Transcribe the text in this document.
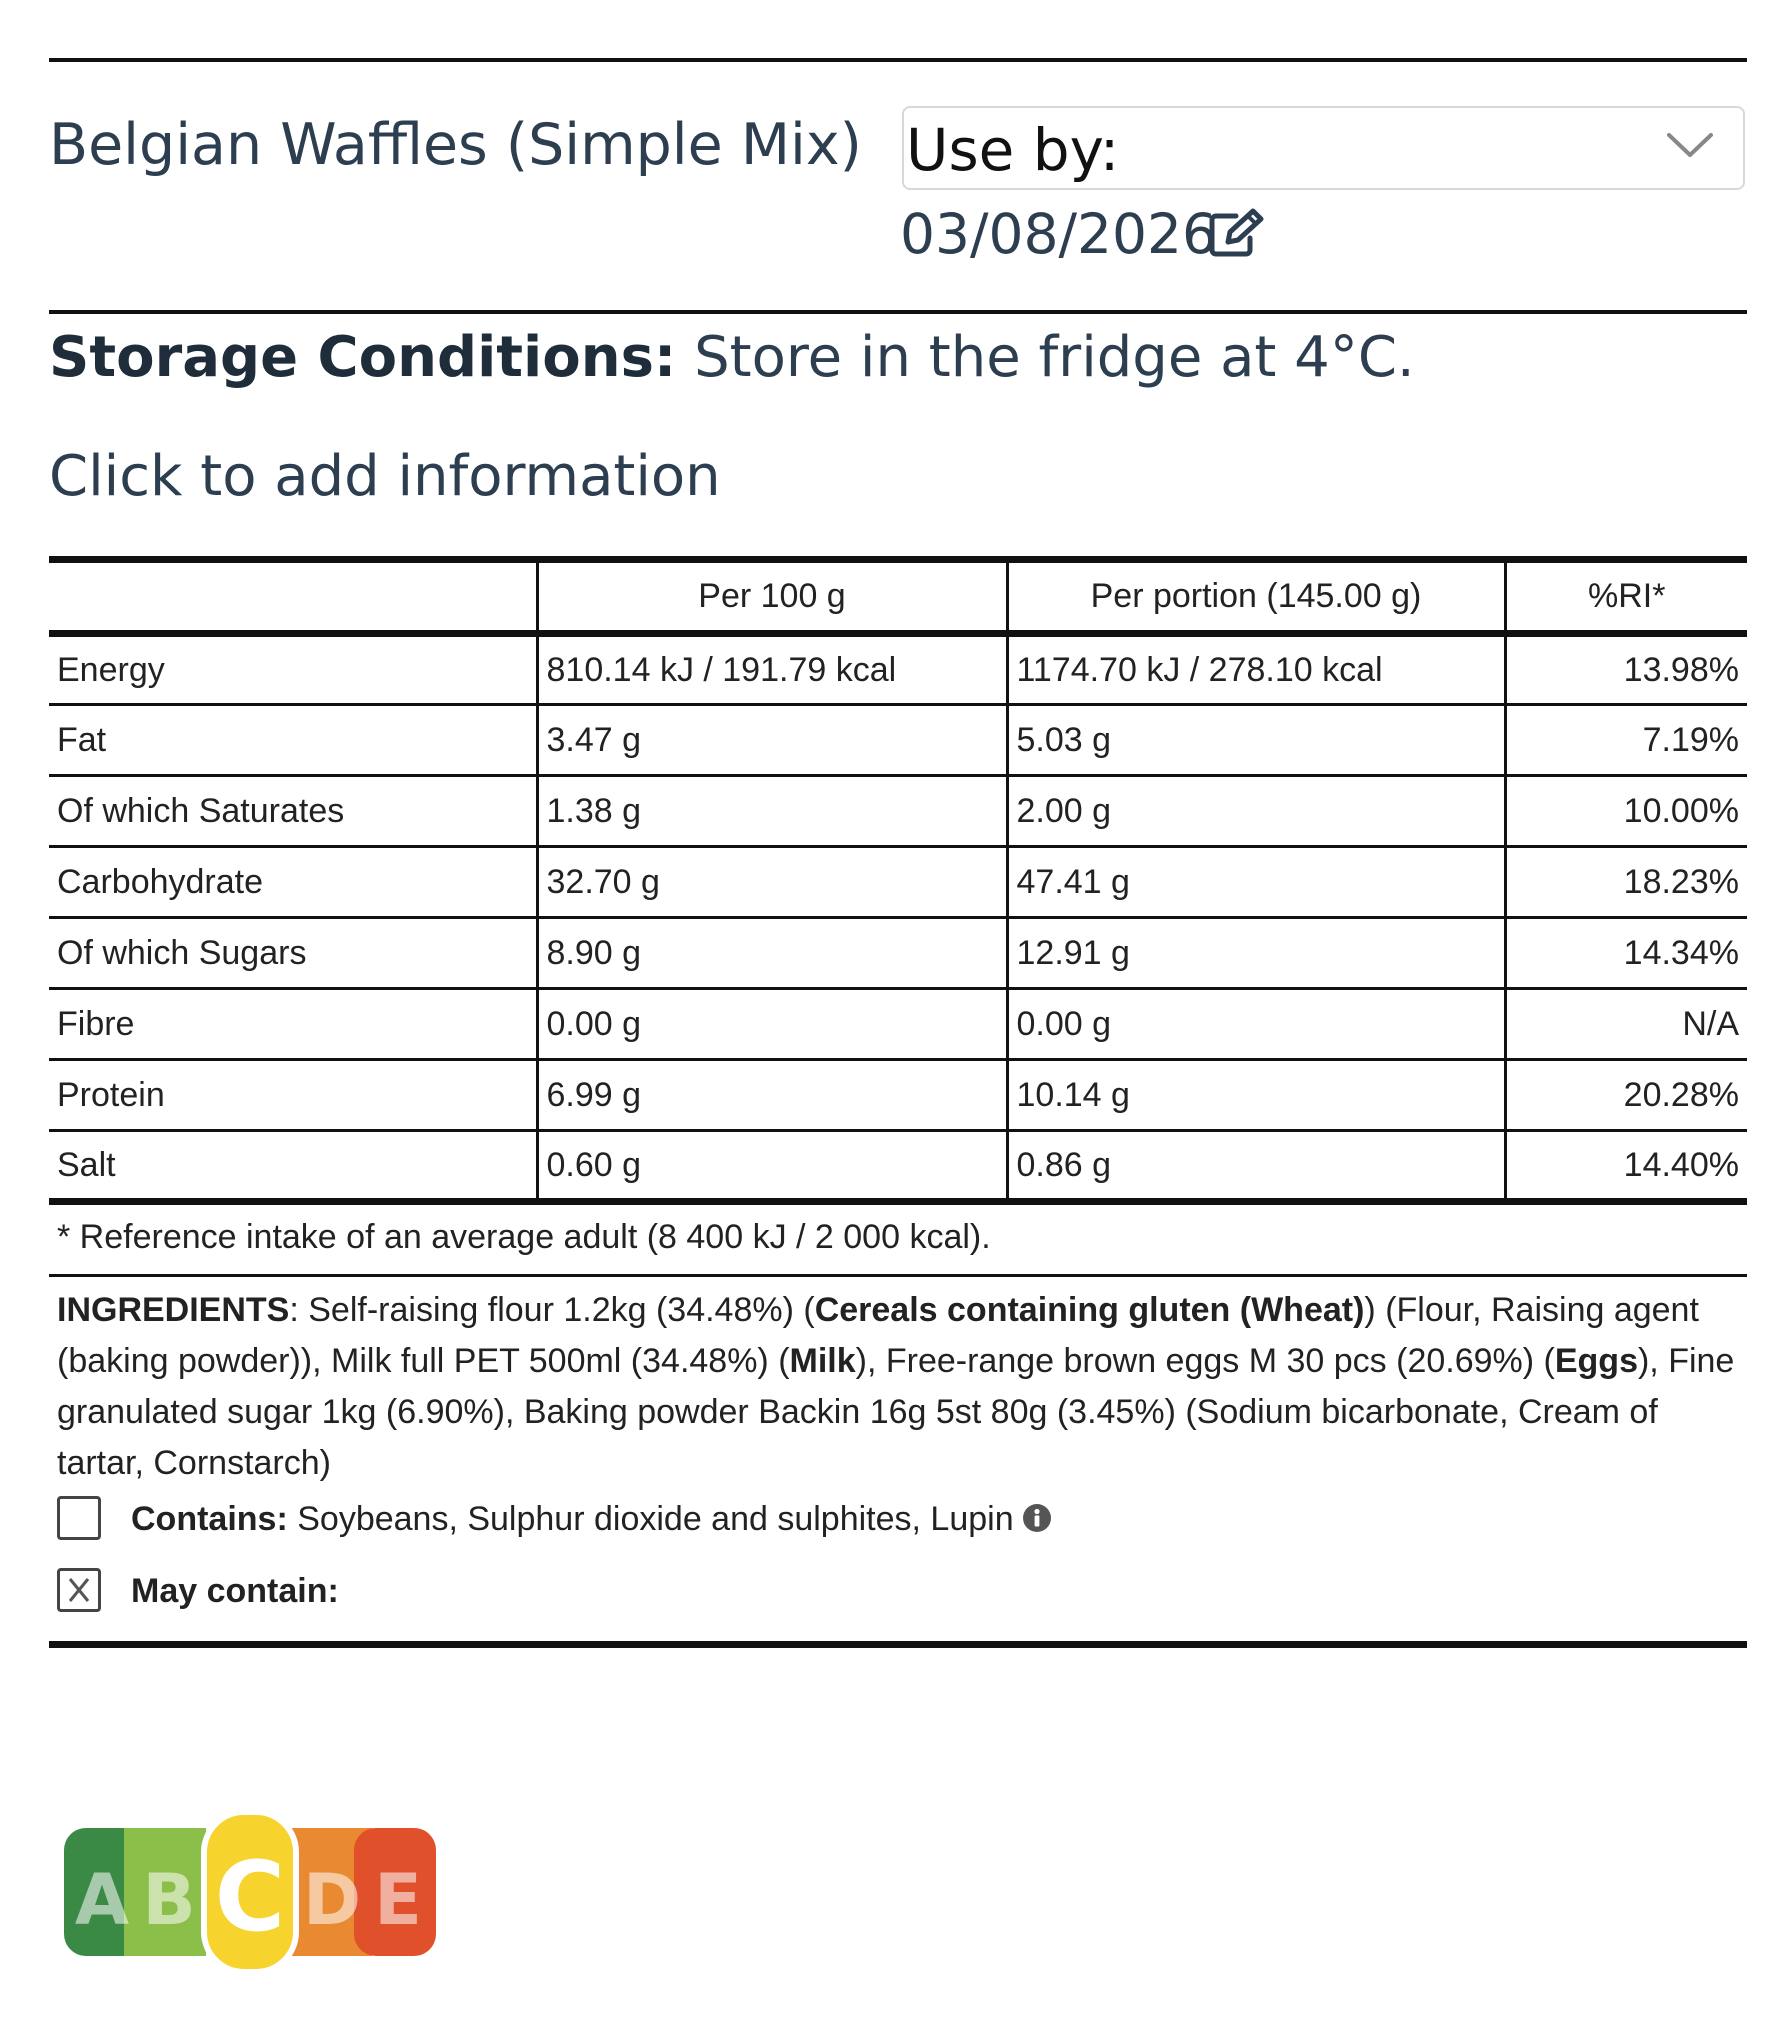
Belgian Waffles (Simple Mix) Use by:
03/08/2026
Storage Conditions: Store in the fridge at 4°C.
Click to add information
	Per 100 g	Per portion (145.00 g)	%RI*
Energy	810.14 kJ / 191.79 kcal	1174.70 kJ / 278.10 kcal	13.98%
Fat	3.47 g	5.03 g	7.19%
Of which Saturates	1.38 g	2.00 g	10.00%
Carbohydrate	32.70 g	47.41 g	18.23%
Of which Sugars	8.90 g	12.91 g	14.34%
Fibre	0.00 g	0.00 g	N/A
Protein	6.99 g	10.14 g	20.28%
Salt	0.60 g	0.86 g	14.40%
* Reference intake of an average adult (8 400 kJ / 2 000 kcal).
INGREDIENTS: Self-raising flour 1.2kg (34.48%) (Cereals containing gluten (Wheat)) (Flour, Raising agent (baking powder)), Milk full PET 500ml (34.48%) (Milk), Free-range brown eggs M 30 pcs (20.69%) (Eggs), Fine granulated sugar 1kg (6.90%), Baking powder Backin 16g 5st 80g (3.45%) (Sodium bicarbonate, Cream of tartar, Cornstarch)
Contains: Soybeans, Sulphur dioxide and sulphites, Lupin
May contain:
A B C D E
